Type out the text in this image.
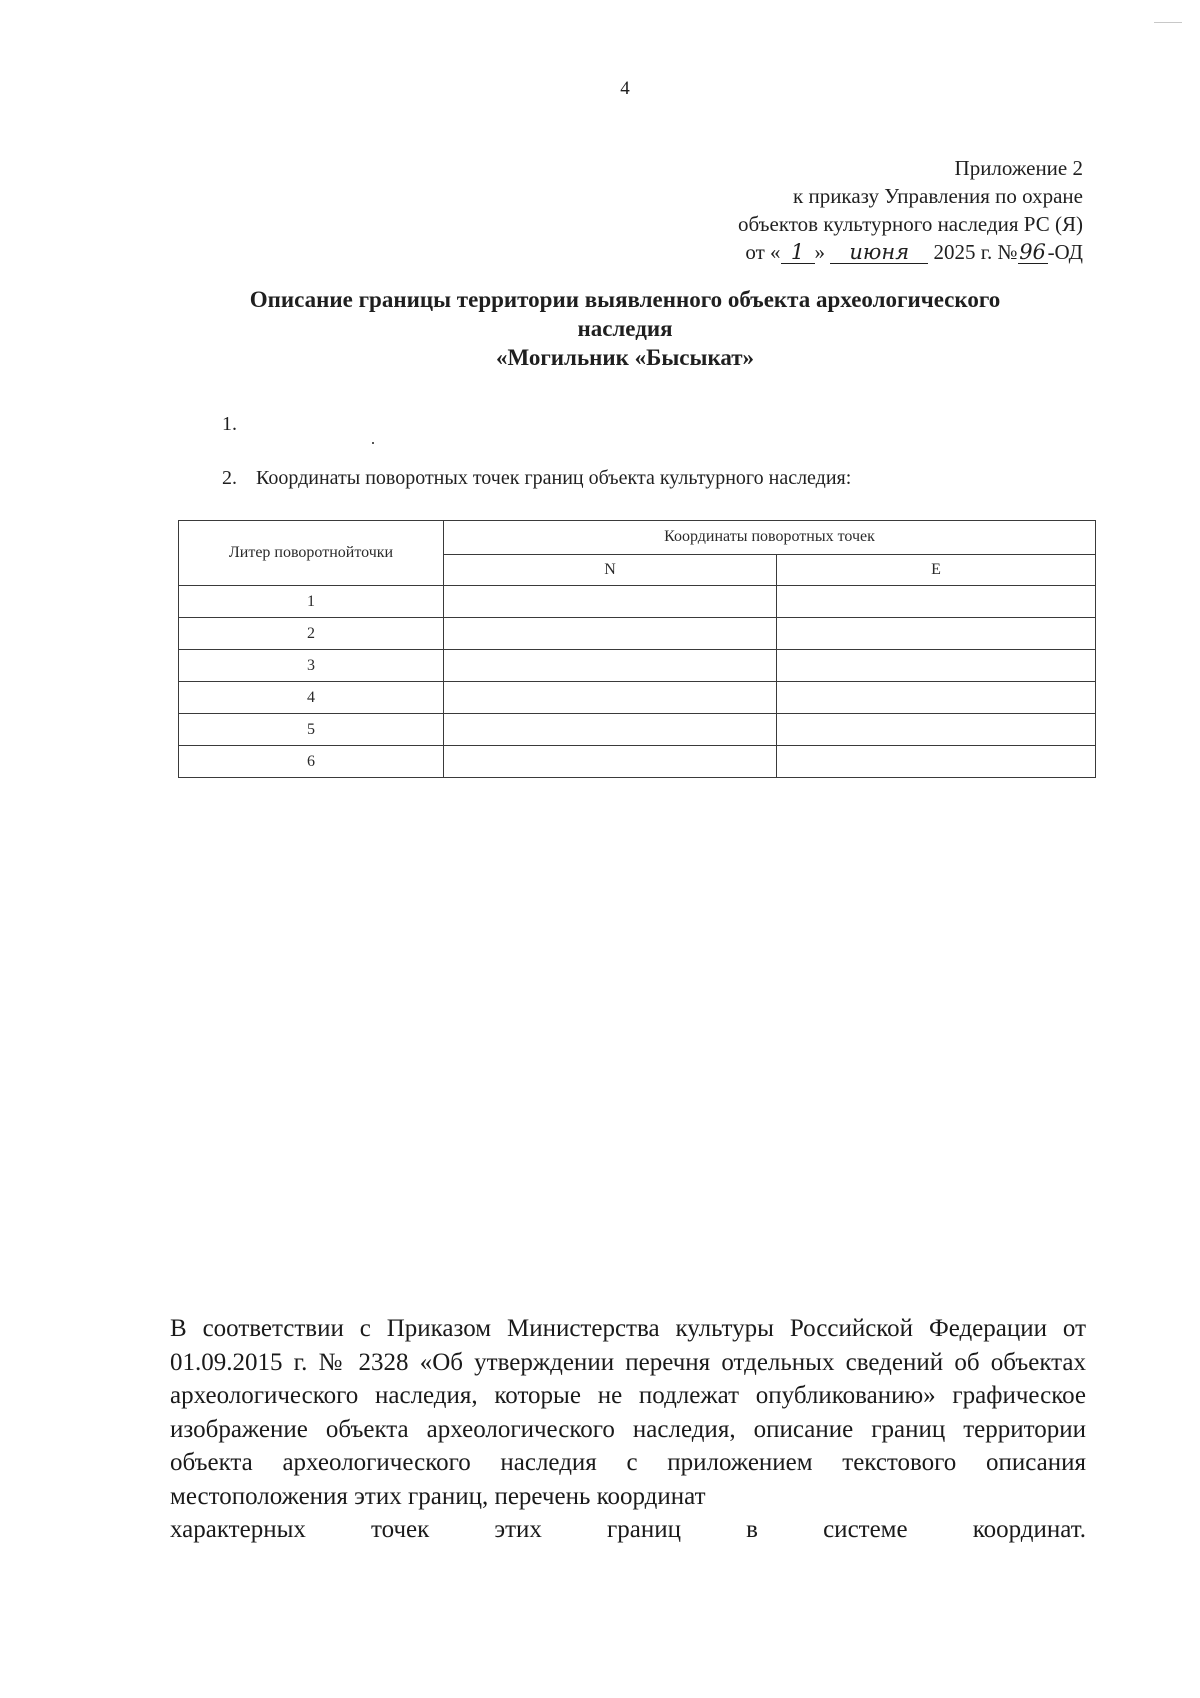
4
Приложение 2
к приказу Управления по охране
объектов культурного наследия РС (Я)
от « 1 » июня 2025 г. №96-ОД
Описание границы территории выявленного объекта археологического
наследия
«Могильник «Бысыкат»
1.
2. Координаты поворотных точек границ объекта культурного наследия:
Литер поворотнойточки	Координаты поворотных точек	
	N	E
1		
2		
3		
4		
5		
6		
В соответствии с Приказом Министерства культуры Российской Федерации от 01.09.2015 г. № 2328 «Об утверждении перечня отдельных сведений об объектах археологического наследия, которые не подлежат опубликованию» графическое изображение объекта археологического наследия, описание границ территории объекта археологического наследия с приложением текстового описания местоположения этих границ, перечень координат
характерных точек этих границ в системе координат.
